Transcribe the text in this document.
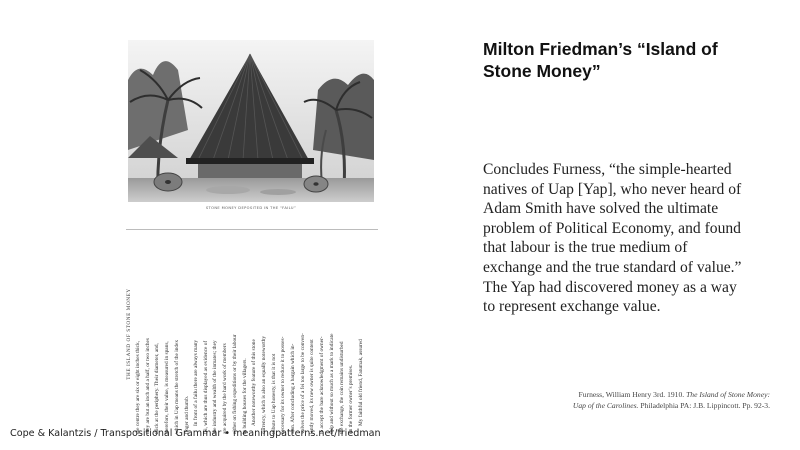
STONE MONEY DEPOSITED IN THE “FAILU”
THE ISLAND OF STONE MONEY
the centre they are six or eight inches thick, they are but an inch and a half, or two inches thick at the periphery. Their diameter, and, therefore, their value, is measured in spans, which in Uap means the stretch of the index finger and thumb. In front of a failu there are always many fei, which are thus displayed as evidence of the industry and wealth of the inmates; they are acquired by the hard work of members either on fishing expeditions or by their labour in building houses for the villagers. Another noteworthy feature of this stone currency, which is also an equally noteworthy tribute to Uap honesty, is that it is not necessary for its owner to reduce it to posses- sion. After concluding a bargain which in- volves the price of a fei too large to be conven- iently moved, its new owner is quite content to accept the bare acknowledgment of owner- ship and without so much as a mark to indicate the exchange, the coin remains undisturbed on the former owner’s premises. My faithful old friend, Fatumak, assured
Milton Friedman’s “Island of
Stone Money”

Concludes Furness, “the simple-hearted
natives of Uap [Yap], who never heard of
Adam Smith have solved the ultimate
problem of Political Economy, and found
that labour is the true medium of
exchange and the true standard of value.”
The Yap had discovered money as a way
to represent exchange value.

Furness, William Henry 3rd. 1910. The Island of Stone Money:
Uap of the Carolines. Philadelphia PA: J.B. Lippincott. Pp. 92-3.
Cope & Kalantzis / Transpositional Grammar • meaningpatterns.net/friedman
